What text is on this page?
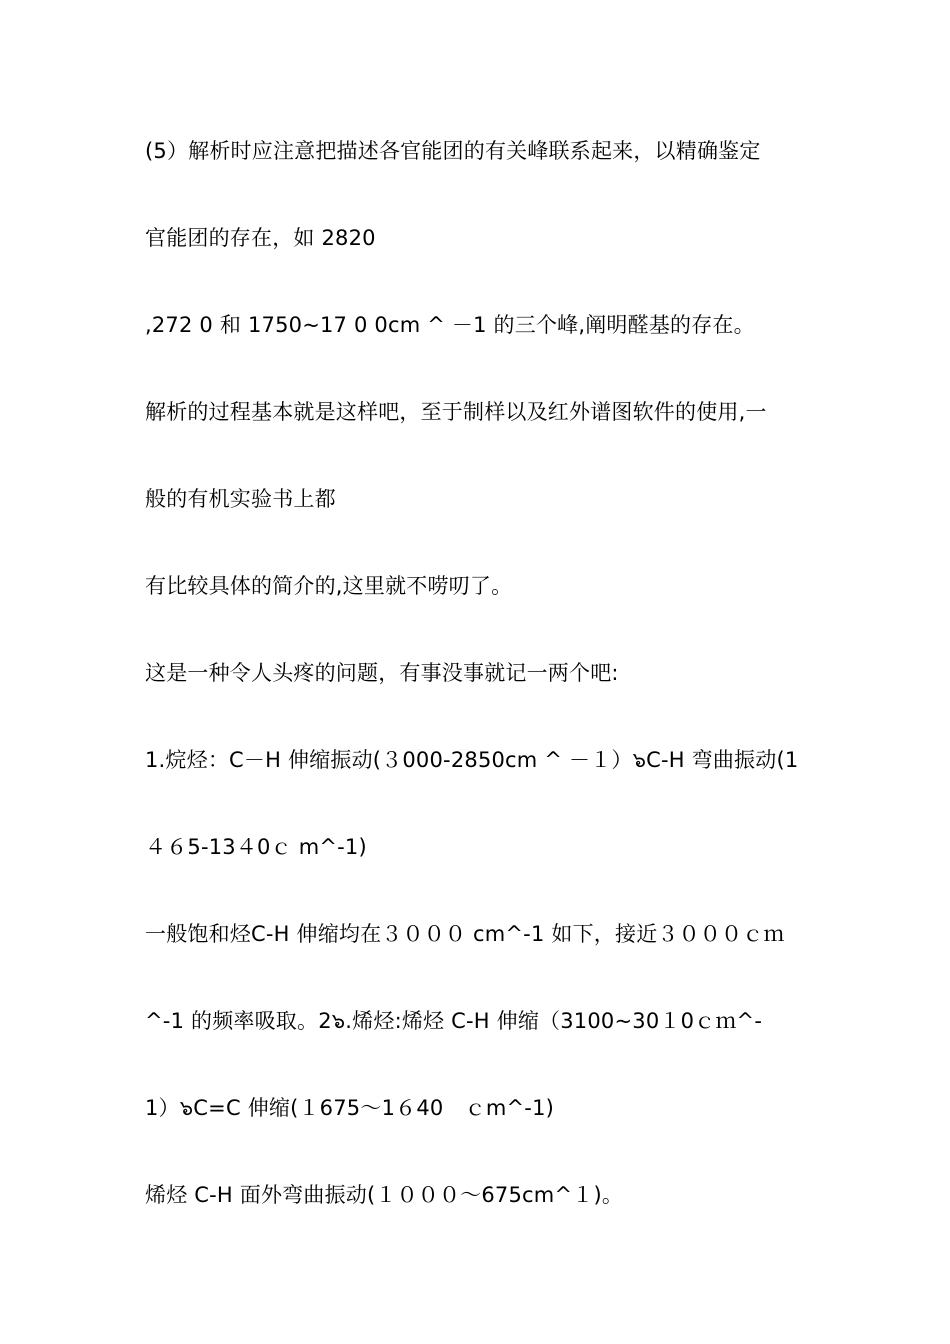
(5）解析时应注意把描述各官能团的有关峰联系起来，以精确鉴定
官能团的存在，如 2820
,272 0 和 1750~17 0 0cm ^ －1 的三个峰,阐明醛基的存在。
解析的过程基本就是这样吧，至于制样以及红外谱图软件的使用,一
般的有机实验书上都
有比较具体的简介的,这里就不唠叨了。
这是一种令人头疼的问题，有事没事就记一两个吧:
1.烷烃：C－H 伸缩振动(３000-2850cm ^ －１）๖C-H 弯曲振动(1
４６5-13４0ｃ m^-1)
一般饱和烃C-H 伸缩均在３０００ cm^-1 如下，接近３０００ｃｍ
^-1 的频率吸取。2๖.烯烃:烯烃 C-H 伸缩（3100~30１0ｃｍ^-
1）๖C=C 伸缩(１675～1６40　ｃm^-1)
烯烃 C-H 面外弯曲振动(１０００～675cm^１)。
